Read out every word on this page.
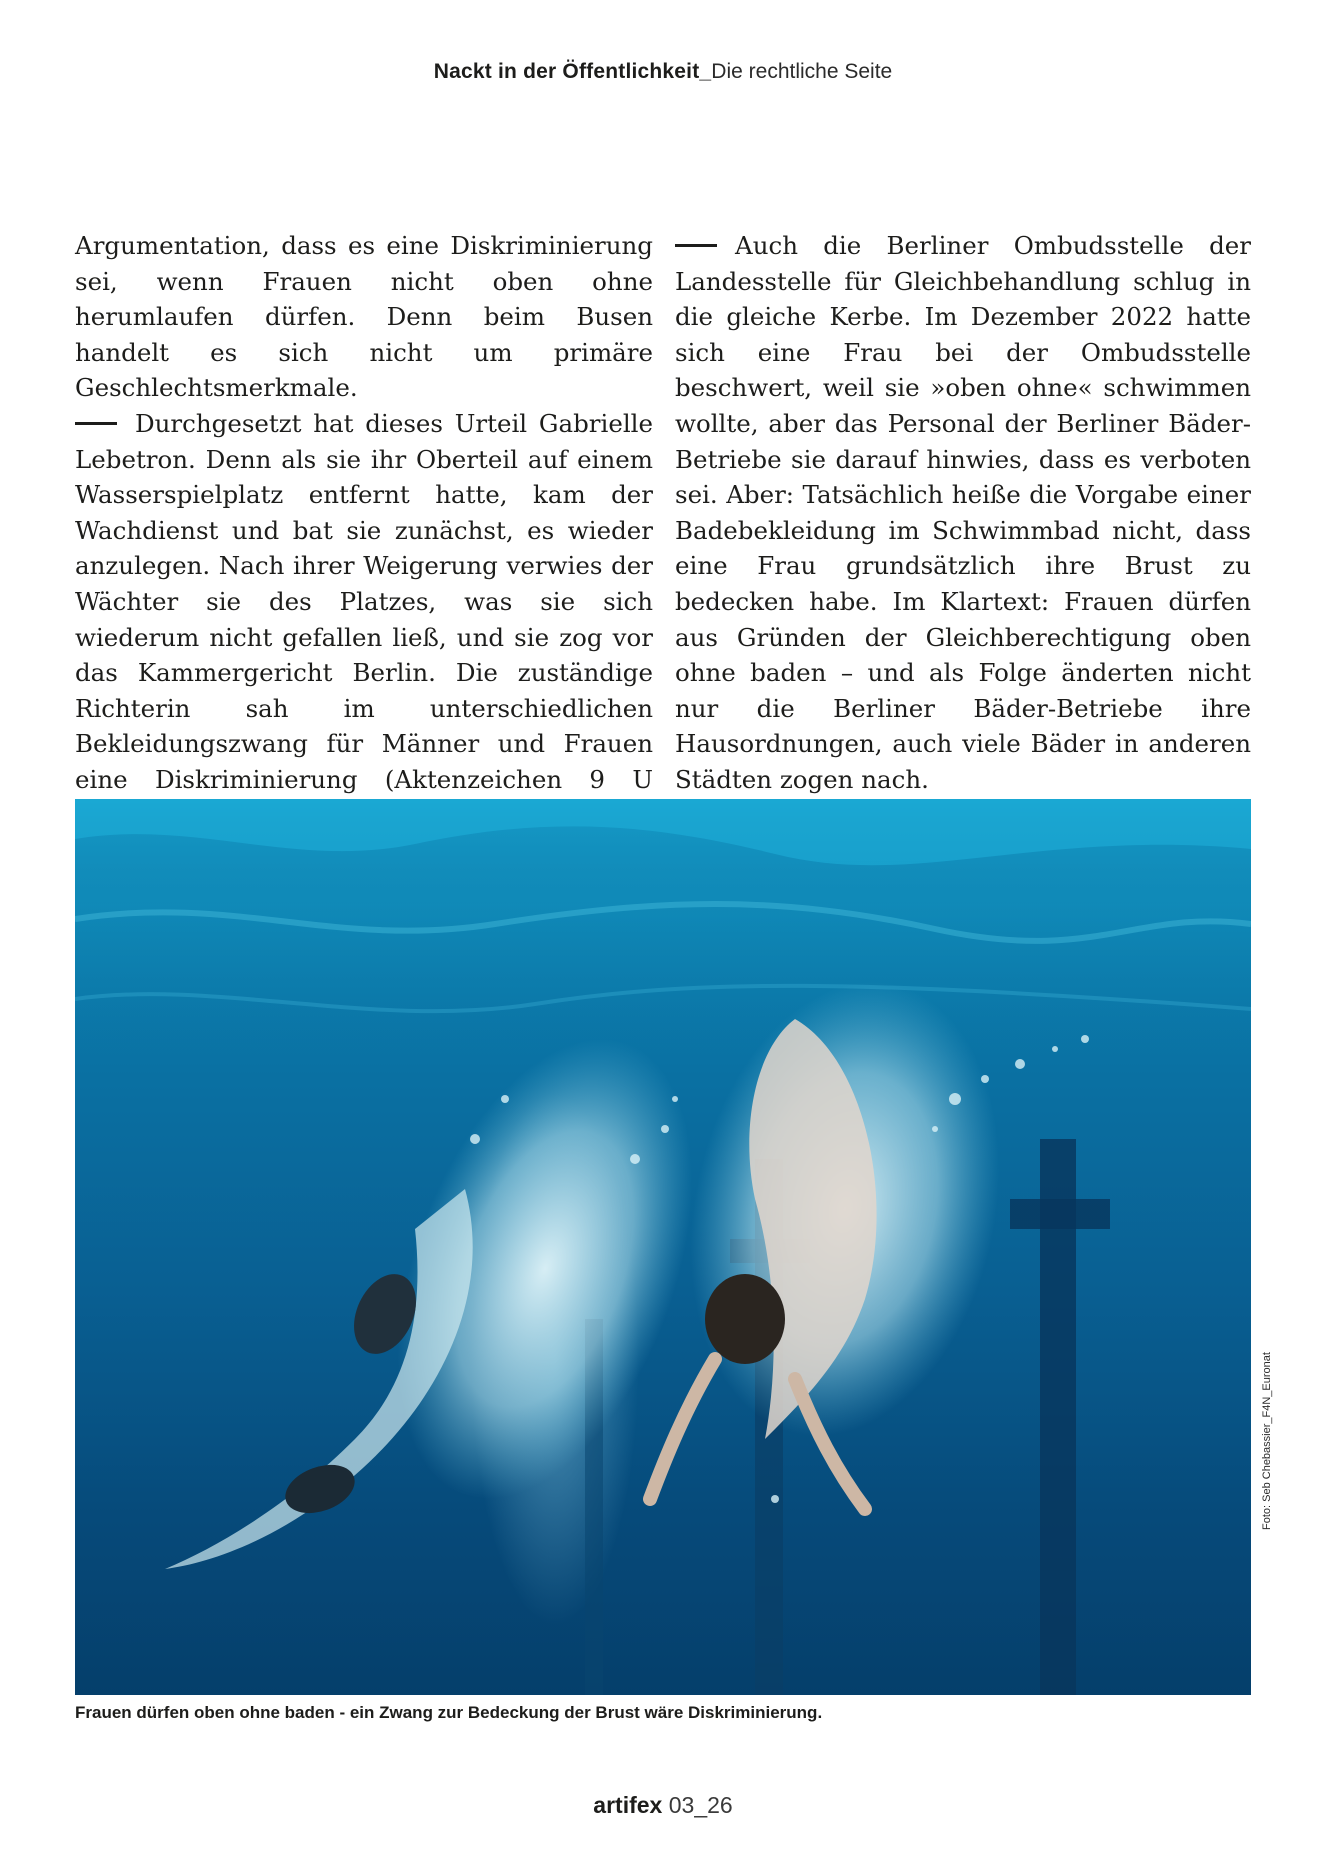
Nackt in der Öffentlichkeit_Die rechtliche Seite

Argumentation, dass es eine Diskriminierung sei, wenn Frauen nicht oben ohne herumlaufen dürfen. Denn beim Busen handelt es sich nicht um primäre Geschlechtsmerkmale.

Durchgesetzt hat dieses Urteil Gabrielle Lebetron. Denn als sie ihr Oberteil auf einem Wasserspielplatz entfernt hatte, kam der Wachdienst und bat sie zunächst, es wieder anzulegen. Nach ihrer Weigerung verwies der Wächter sie des Platzes, was sie sich wiederum nicht gefallen ließ, und sie zog vor das Kammergericht Berlin. Die zuständige Richterin sah im unterschiedlichen Bekleidungszwang für Männer und Frauen eine Diskriminierung (Aktenzeichen 9 U

Auch die Berliner Ombudsstelle der Landesstelle für Gleichbehandlung schlug in die gleiche Kerbe. Im Dezember 2022 hatte sich eine Frau bei der Ombudsstelle beschwert, weil sie »oben ohne« schwimmen wollte, aber das Personal der Berliner Bäder-Betriebe sie darauf hinwies, dass es verboten sei. Aber: Tatsächlich heiße die Vorgabe einer Badebekleidung im Schwimmbad nicht, dass eine Frau grundsätzlich ihre Brust zu bedecken habe. Im Klartext: Frauen dürfen aus Gründen der Gleichberechtigung oben ohne baden – und als Folge änderten nicht nur die Berliner Bäder-Betriebe ihre Hausordnungen, auch viele Bäder in anderen Städten zogen nach.

Foto: Seb Chebassier_F4N_Euronat
Frauen dürfen oben ohne baden - ein Zwang zur Bedeckung der Brust wäre Diskriminierung.
artifex 03_26
